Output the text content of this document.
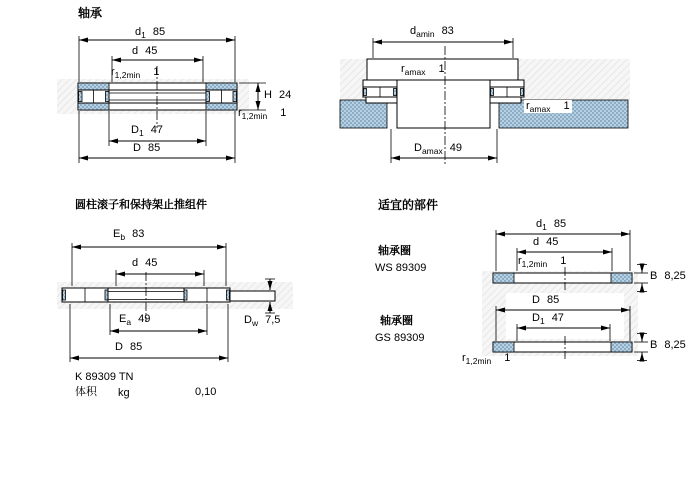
轴承
$d_1$ 85
d 45
$r_{1,2min}$ 1
H 24
$r_{1,2min}$ 1
$D_1$ 47
D 85
$d_{amin}$ 83
$r_{amax}$ 1
$r_{amax}$ 1
$D_{amax}$ 49
圆柱滚子和保持架止推组件
$E_b$ 83
d 45
$E_a$ 49
D 85
$D_w$ 7,5
K 89309 TN
体积 kg	0,10
适宜的部件
轴承圈
WS 89309
轴承圈
GS 89309
$d_1$ 85
d 45
$r_{1,2min}$ 1
B 8,25
D 85
$D_1$ 47
B 8,25
$r_{1,2min}$ 1
